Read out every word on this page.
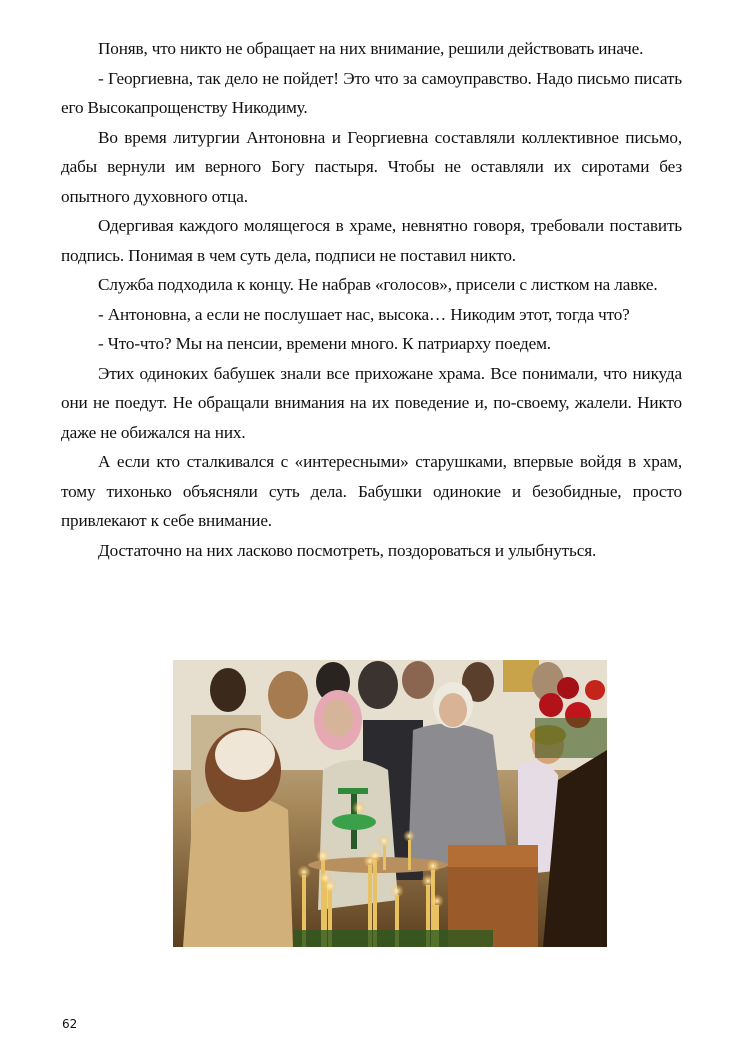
Поняв, что никто не обращает на них внимание, решили действовать иначе.

- Георгиевна, так дело не пойдет! Это что за самоуправство. Надо письмо писать его Высокапрощенству Никодиму.

Во время литургии Антоновна и Георгиевна составляли коллективное письмо, дабы вернули им верного Богу пастыря. Чтобы не оставляли их сиротами без опытного духовного отца.

Одергивая каждого молящегося в храме, невнятно говоря, требовали поставить подпись. Понимая в чем суть дела, подписи не поставил никто.

Служба подходила к концу. Не набрав «голосов», присели с листком на лавке.

- Антоновна, а если не послушает нас, высока… Никодим этот, тогда что?

- Что-что? Мы на пенсии, времени много. К патриарху поедем.

Этих одиноких бабушек знали все прихожане храма. Все понимали, что никуда они не поедут. Не обращали внимания на их поведение и, по-своему, жалели. Никто даже не обижался на них.

А если кто сталкивался с «интересными» старушками, впервые войдя в храм, тому тихонько объясняли суть дела. Бабушки одинокие и безобидные, просто привлекают к себе внимание.

Достаточно на них ласково посмотреть, поздороваться и улыбнуться.

62
